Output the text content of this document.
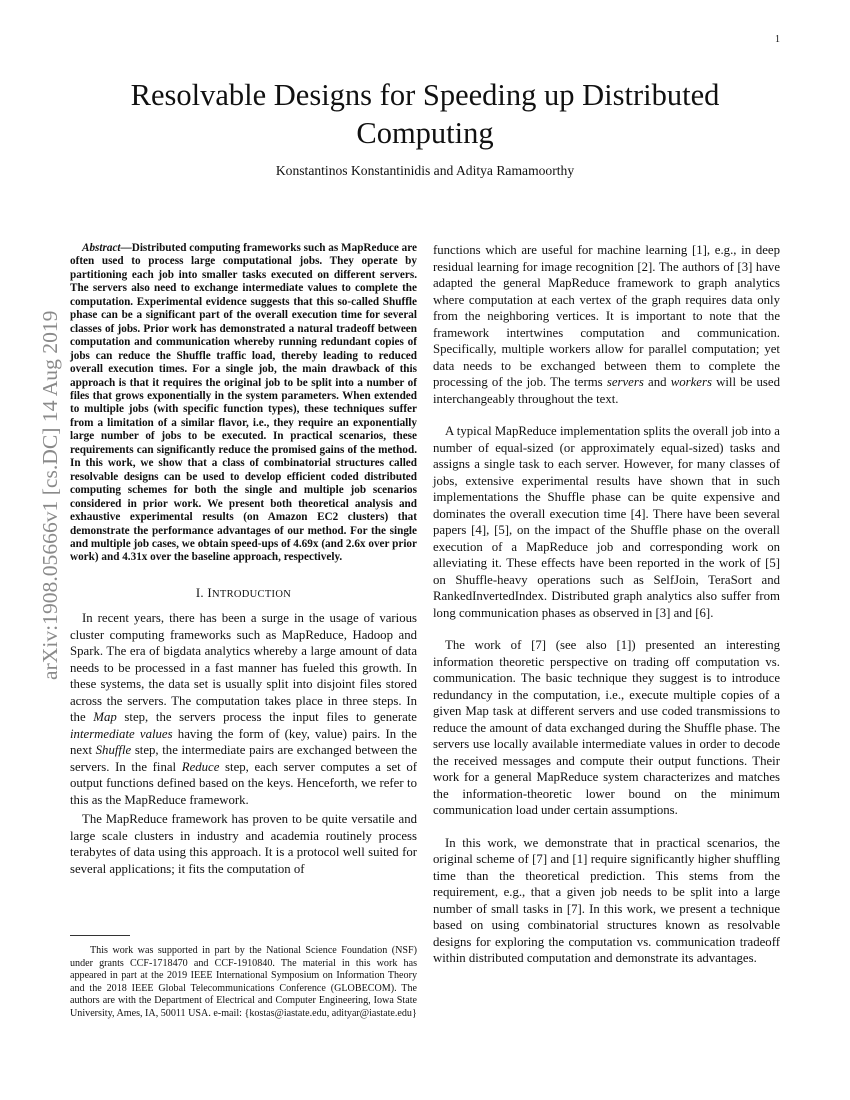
1
arXiv:1908.05666v1 [cs.DC] 14 Aug 2019
Resolvable Designs for Speeding up Distributed Computing
Konstantinos Konstantinidis and Aditya Ramamoorthy

Abstract—Distributed computing frameworks such as MapReduce are often used to process large computational jobs. They operate by partitioning each job into smaller tasks executed on different servers. The servers also need to exchange intermediate values to complete the computation. Experimental evidence suggests that this so-called Shuffle phase can be a significant part of the overall execution time for several classes of jobs. Prior work has demonstrated a natural tradeoff between computation and communication whereby running redundant copies of jobs can reduce the Shuffle traffic load, thereby leading to reduced overall execution times. For a single job, the main drawback of this approach is that it requires the original job to be split into a number of files that grows exponentially in the system parameters. When extended to multiple jobs (with specific function types), these techniques suffer from a limitation of a similar flavor, i.e., they require an exponentially large number of jobs to be executed. In practical scenarios, these requirements can significantly reduce the promised gains of the method. In this work, we show that a class of combinatorial structures called resolvable designs can be used to develop efficient coded distributed computing schemes for both the single and multiple job scenarios considered in prior work. We present both theoretical analysis and exhaustive experimental results (on Amazon EC2 clusters) that demonstrate the performance advantages of our method. For the single and multiple job cases, we obtain speed-ups of 4.69x (and 2.6x over prior work) and 4.31x over the baseline approach, respectively.

I. INTRODUCTION

In recent years, there has been a surge in the usage of various cluster computing frameworks such as MapReduce, Hadoop and Spark. The era of bigdata analytics whereby a large amount of data needs to be processed in a fast manner has fueled this growth. In these systems, the data set is usually split into disjoint files stored across the servers. The computation takes place in three steps. In the Map step, the servers process the input files to generate intermediate values having the form of (key, value) pairs. In the next Shuffle step, the intermediate pairs are exchanged between the servers. In the final Reduce step, each server computes a set of output functions defined based on the keys. Henceforth, we refer to this as the MapReduce framework.

The MapReduce framework has proven to be quite versatile and large scale clusters in industry and academia routinely process terabytes of data using this approach. It is a protocol well suited for several applications; it fits the computation of

This work was supported in part by the National Science Foundation (NSF) under grants CCF-1718470 and CCF-1910840. The material in this work has appeared in part at the 2019 IEEE International Symposium on Information Theory and the 2018 IEEE Global Telecommunications Conference (GLOBECOM). The authors are with the Department of Electrical and Computer Engineering, Iowa State University, Ames, IA, 50011 USA. e-mail: {kostas@iastate.edu, adityar@iastate.edu}

functions which are useful for machine learning [1], e.g., in deep residual learning for image recognition [2]. The authors of [3] have adapted the general MapReduce framework to graph analytics where computation at each vertex of the graph requires data only from the neighboring vertices. It is important to note that the framework intertwines computation and communication. Specifically, multiple workers allow for parallel computation; yet data needs to be exchanged between them to complete the processing of the job. The terms servers and workers will be used interchangeably throughout the text.

A typical MapReduce implementation splits the overall job into a number of equal-sized (or approximately equal-sized) tasks and assigns a single task to each server. However, for many classes of jobs, extensive experimental results have shown that in such implementations the Shuffle phase can be quite expensive and dominates the overall execution time [4]. There have been several papers [4], [5], on the impact of the Shuffle phase on the overall execution of a MapReduce job and corresponding work on alleviating it. These effects have been reported in the work of [5] on Shuffle-heavy operations such as SelfJoin, TeraSort and RankedInvertedIndex. Distributed graph analytics also suffer from long communication phases as observed in [3] and [6].

The work of [7] (see also [1]) presented an interesting information theoretic perspective on trading off computation vs. communication. The basic technique they suggest is to introduce redundancy in the computation, i.e., execute multiple copies of a given Map task at different servers and use coded transmissions to reduce the amount of data exchanged during the Shuffle phase. The servers use locally available intermediate values in order to decode the received messages and compute their output functions. Their work for a general MapReduce system characterizes and matches the information-theoretic lower bound on the minimum communication load under certain assumptions.

In this work, we demonstrate that in practical scenarios, the original scheme of [7] and [1] require significantly higher shuffling time than the theoretical prediction. This stems from the requirement, e.g., that a given job needs to be split into a large number of small tasks in [7]. In this work, we present a technique based on using combinatorial structures known as resolvable designs for exploring the computation vs. communication tradeoff within distributed computation and demonstrate its advantages.
